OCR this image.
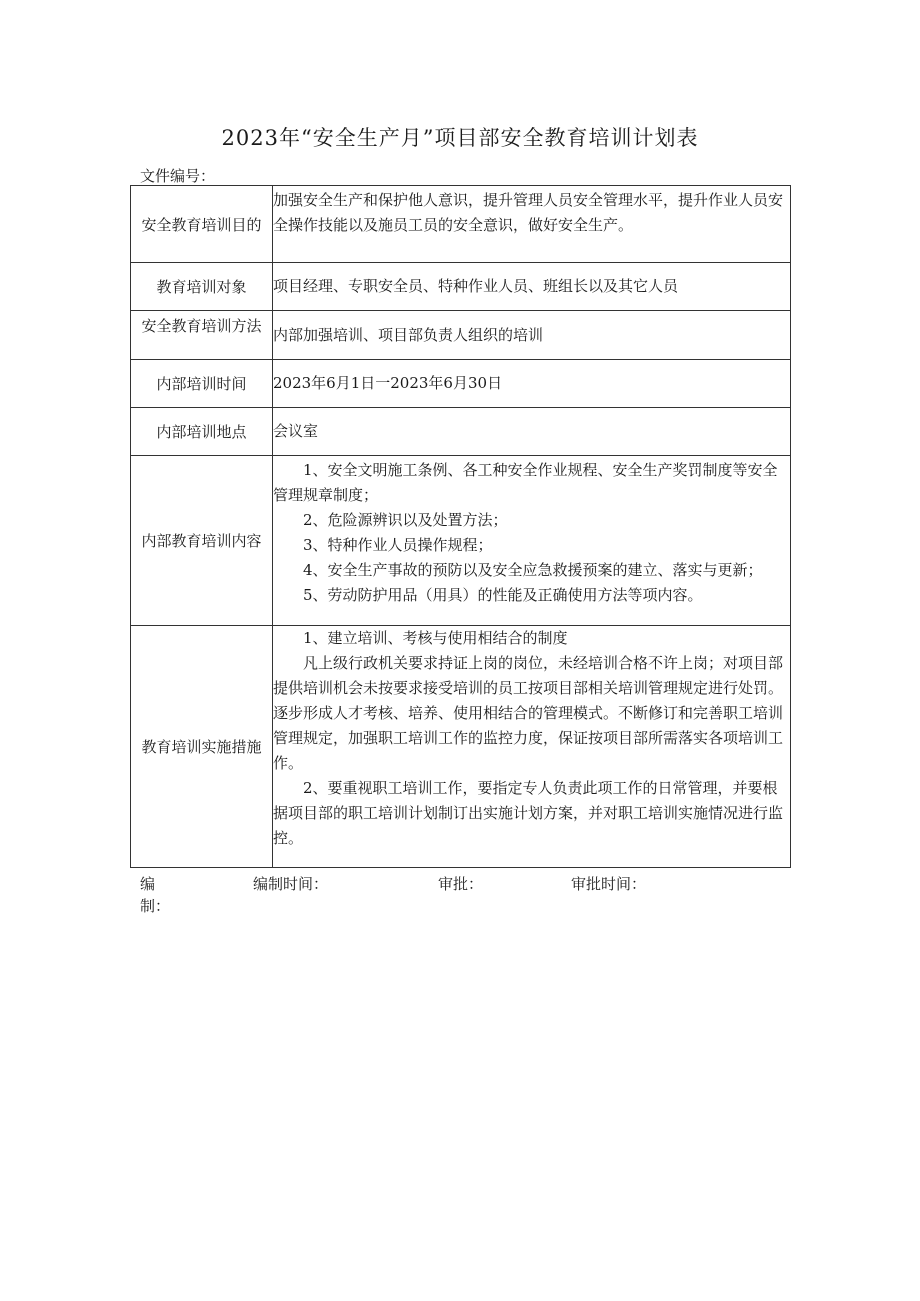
2023年“安全生产月”项目部安全教育培训计划表
文件编号：
安全教育培训目的	加强安全生产和保护他人意识，提升管理人员安全管理水平，提升作业人员安全操作技能以及施员工员的安全意识，做好安全生产。
教育培训对象	项目经理、专职安全员、特种作业人员、班组长以及其它人员
安全教育培训方法	内部加强培训、项目部负责人组织的培训
内部培训时间	2023年6月1日一2023年6月30日
内部培训地点	会议室
内部教育培训内容	1、安全文明施工条例、各工种安全作业规程、安全生产奖罚制度等安全管理规章制度；
2、危险源辨识以及处置方法；
3、特种作业人员操作规程；
4、安全生产事故的预防以及安全应急救援预案的建立、落实与更新；
5、劳动防护用品（用具）的性能及正确使用方法等项内容。

教育培训实施措施	1、建立培训、考核与使用相结合的制度
凡上级行政机关要求持证上岗的岗位，未经培训合格不许上岗；对项目部提供培训机会未按要求接受培训的员工按项目部相关培训管理规定进行处罚。逐步形成人才考核、培养、使用相结合的管理模式。不断修订和完善职工培训管理规定，加强职工培训工作的监控力度，保证按项目部所需落实各项培训工作。
2、要重视职工培训工作，要指定专人负责此项工作的日常管理，并要根据项目部的职工培训计划制订出实施计划方案，并对职工培训实施情况进行监控。
编
制：
编制时间：	审批：	审批时间：
